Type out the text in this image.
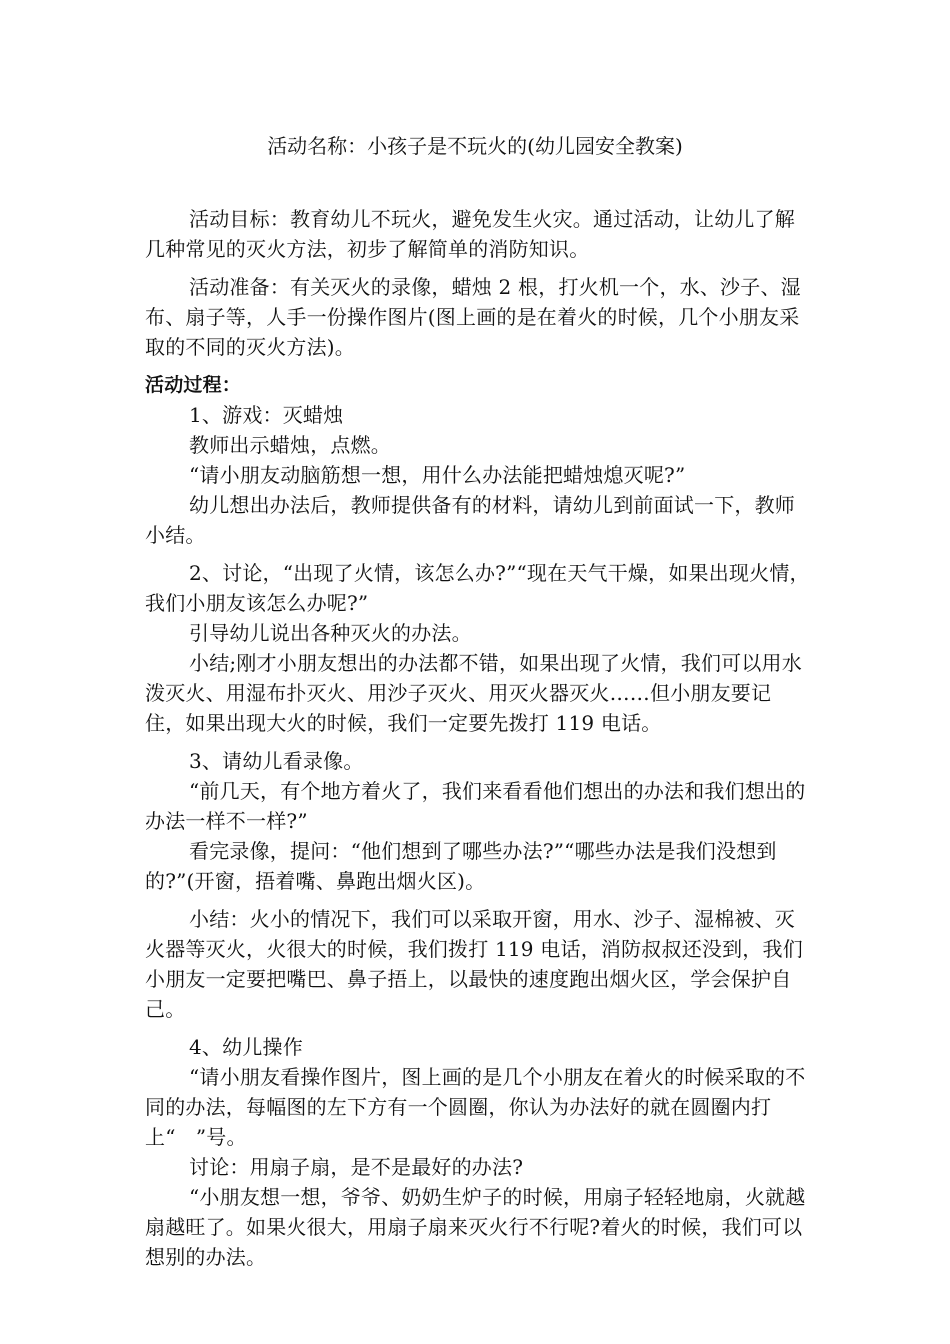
活动名称：小孩子是不玩火的(幼儿园安全教案)

活动目标：教育幼儿不玩火，避免发生火灾。通过活动，让幼儿了解几种常见的灭火方法，初步了解简单的消防知识。

活动准备：有关灭火的录像，蜡烛 2 根，打火机一个，水、沙子、湿布、扇子等，人手一份操作图片(图上画的是在着火的时候，几个小朋友采取的不同的灭火方法)。

活动过程：

1、游戏：灭蜡烛

教师出示蜡烛，点燃。

“请小朋友动脑筋想一想，用什么办法能把蜡烛熄灭呢?”

幼儿想出办法后，教师提供备有的材料，请幼儿到前面试一下，教师小结。

2、讨论，“出现了火情，该怎么办?”“现在天气干燥，如果出现火情，我们小朋友该怎么办呢?”

引导幼儿说出各种灭火的办法。

小结;刚才小朋友想出的办法都不错，如果出现了火情，我们可以用水泼灭火、用湿布扑灭火、用沙子灭火、用灭火器灭火……但小朋友要记住，如果出现大火的时候，我们一定要先拨打 119 电话。

3、请幼儿看录像。

“前几天，有个地方着火了，我们来看看他们想出的办法和我们想出的办法一样不一样?”

看完录像，提问：“他们想到了哪些办法?”“哪些办法是我们没想到的?”(开窗，捂着嘴、鼻跑出烟火区)。

小结：火小的情况下，我们可以采取开窗，用水、沙子、湿棉被、灭火器等灭火，火很大的时候，我们拨打 119 电话，消防叔叔还没到，我们小朋友一定要把嘴巴、鼻子捂上，以最快的速度跑出烟火区，学会保护自己。

4、幼儿操作

“请小朋友看操作图片，图上画的是几个小朋友在着火的时候采取的不同的办法，每幅图的左下方有一个圆圈，你认为办法好的就在圆圈内打上“　”号。

讨论：用扇子扇，是不是最好的办法?

“小朋友想一想，爷爷、奶奶生炉子的时候，用扇子轻轻地扇，火就越扇越旺了。如果火很大，用扇子扇来灭火行不行呢?着火的时候，我们可以想别的办法。
